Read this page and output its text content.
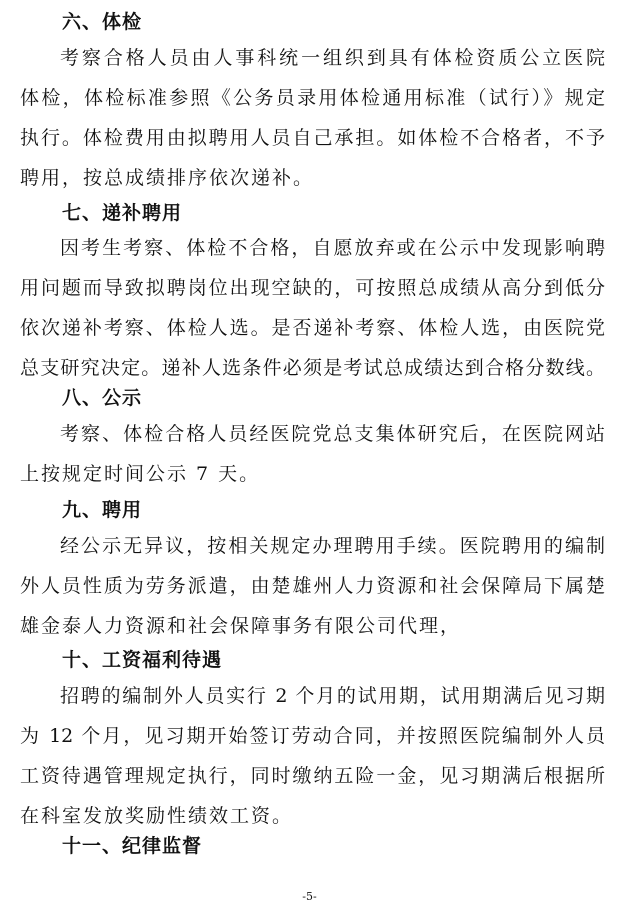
六、体检
考察合格人员由人事科统一组织到具有体检资质公立医院
体检，体检标准参照《公务员录用体检通用标准（试行）》规定
执行。体检费用由拟聘用人员自己承担。如体检不合格者，不予
聘用，按总成绩排序依次递补。
七、递补聘用
因考生考察、体检不合格，自愿放弃或在公示中发现影响聘
用问题而导致拟聘岗位出现空缺的，可按照总成绩从高分到低分
依次递补考察、体检人选。是否递补考察、体检人选，由医院党
总支研究决定。递补人选条件必须是考试总成绩达到合格分数线。
八、公示
考察、体检合格人员经医院党总支集体研究后，在医院网站
上按规定时间公示 7 天。
九、聘用
经公示无异议，按相关规定办理聘用手续。医院聘用的编制
外人员性质为劳务派遣，由楚雄州人力资源和社会保障局下属楚
雄金泰人力资源和社会保障事务有限公司代理，
十、工资福利待遇
招聘的编制外人员实行 2 个月的试用期，试用期满后见习期
为 12 个月，见习期开始签订劳动合同，并按照医院编制外人员
工资待遇管理规定执行，同时缴纳五险一金，见习期满后根据所
在科室发放奖励性绩效工资。
十一、纪律监督
-5-
